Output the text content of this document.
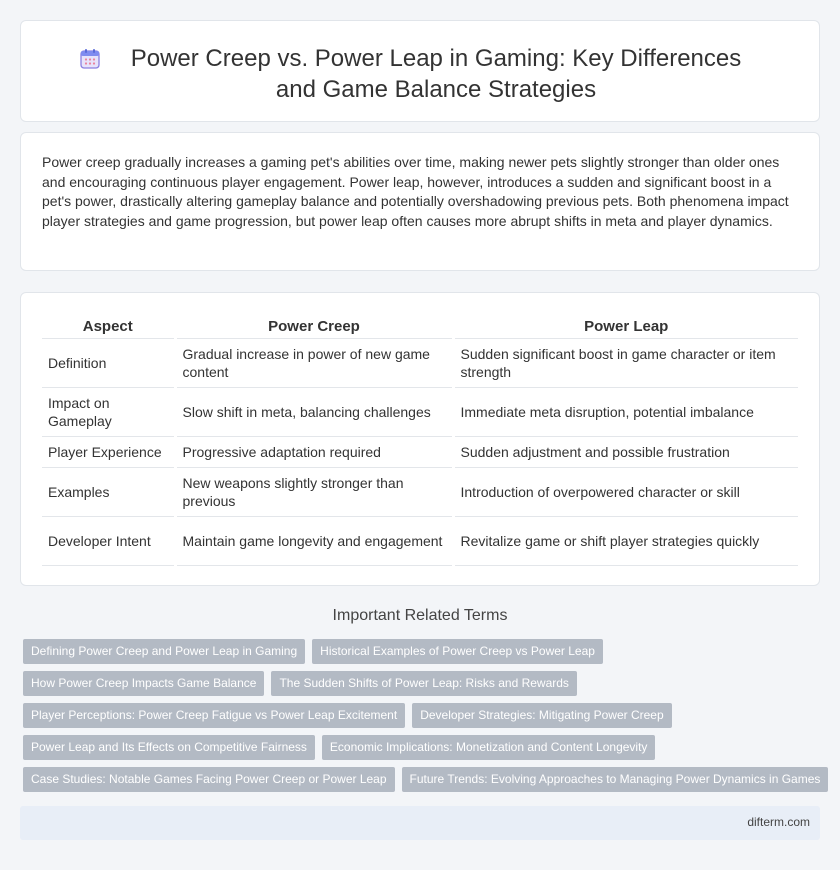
Power Creep vs. Power Leap in Gaming: Key Differences and Game Balance Strategies

Power creep gradually increases a gaming pet's abilities over time, making newer pets slightly stronger than older ones and encouraging continuous player engagement. Power leap, however, introduces a sudden and significant boost in a pet's power, drastically altering gameplay balance and potentially overshadowing previous pets. Both phenomena impact player strategies and game progression, but power leap often causes more abrupt shifts in meta and player dynamics.

Aspect	Power Creep	Power Leap
Definition	Gradual increase in power of new game content	Sudden significant boost in game character or item strength
Impact on Gameplay	Slow shift in meta, balancing challenges	Immediate meta disruption, potential imbalance
Player Experience	Progressive adaptation required	Sudden adjustment and possible frustration
Examples	New weapons slightly stronger than previous	Introduction of overpowered character or skill
Developer Intent	Maintain game longevity and engagement	Revitalize game or shift player strategies quickly
Important Related Terms
Defining Power Creep and Power Leap in Gaming	Historical Examples of Power Creep vs Power Leap
How Power Creep Impacts Game Balance	The Sudden Shifts of Power Leap: Risks and Rewards
Player Perceptions: Power Creep Fatigue vs Power Leap Excitement	Developer Strategies: Mitigating Power Creep
Power Leap and Its Effects on Competitive Fairness	Economic Implications: Monetization and Content Longevity
Case Studies: Notable Games Facing Power Creep or Power Leap	Future Trends: Evolving Approaches to Managing Power Dynamics in Games
difterm.com
